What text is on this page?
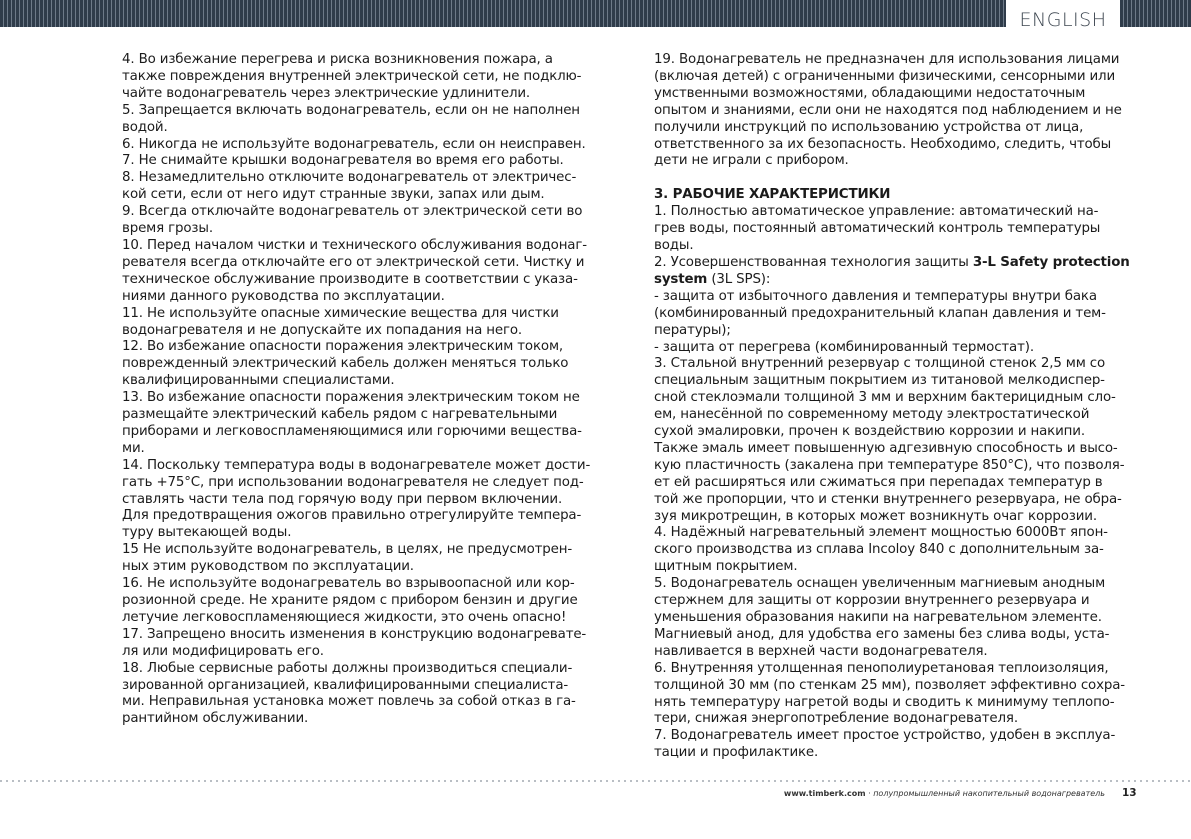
ENGLISH

4. Во избежание перегрева и риска возникновения пожара, а также повреждения внутренней электрической сети, не подклю- чайте водонагреватель через электрические удлинители.

5. Запрещается включать водонагреватель, если он не наполнен водой.

6. Никогда не используйте водонагреватель, если он неисправен.

7. Не снимайте крышки водонагревателя во время его работы.

8. Незамедлительно отключите водонагреватель от электричес- кой сети, если от него идут странные звуки, запах или дым.

9. Всегда отключайте водонагреватель от электрической сети во время грозы.

10. Перед началом чистки и технического обслуживания водонаг- ревателя всегда отключайте его от электрической сети. Чистку и техническое обслуживание производите в соответствии с указа- ниями данного руководства по эксплуатации.

11. Не используйте опасные химические вещества для чистки водонагревателя и не допускайте их попадания на него.

12. Во избежание опасности поражения электрическим током, поврежденный электрический кабель должен меняться только квалифицированными специалистами.

13. Во избежание опасности поражения электрическим током не размещайте электрический кабель рядом с нагревательными приборами и легковоспламеняющимися или горючими вещества- ми.

14. Поскольку температура воды в водонагревателе может дости- гать +75°C, при использовании водонагревателя не следует под- ставлять части тела под горячую воду при первом включении. Для предотвращения ожогов правильно отрегулируйте темпера- туру вытекающей воды.

15 Не используйте водонагреватель, в целях, не предусмотрен- ных этим руководством по эксплуатации.

16. Не используйте водонагреватель во взрывоопасной или кор- розионной среде. Не храните рядом с прибором бензин и другие летучие легковоспламеняющиеся жидкости, это очень опасно!

17. Запрещено вносить изменения в конструкцию водонагревате- ля или модифицировать его.

18. Любые сервисные работы должны производиться специали- зированной организацией, квалифицированными специалиста- ми. Неправильная установка может повлечь за собой отказ в га- рантийном обслуживании.

19. Водонагреватель не предназначен для использования лицами (включая детей) с ограниченными физическими, сенсорными или умственными возможностями, обладающими недостаточным опытом и знаниями, если они не находятся под наблюдением и не получили инструкций по использованию устройства от лица, ответственного за их безопасность. Необходимо, следить, чтобы дети не играли с прибором.

3. РАБОЧИЕ ХАРАКТЕРИСТИКИ

1. Полностью автоматическое управление: автоматический на- грев воды, постоянный автоматический контроль температуры воды.

2. Усовершенствованная технология защиты 3-L Safety protection system (3L SPS):

- защита от избыточного давления и температуры внутри бака (комбинированный предохранительный клапан давления и тем- пературы);

- защита от перегрева (комбинированный термостат).

3. Стальной внутренний резервуар с толщиной стенок 2,5 мм со специальным защитным покрытием из титановой мелкодиспер- сной стеклоэмали толщиной 3 мм и верхним бактерицидным сло- ем, нанесённой по современному методу электростатической сухой эмалировки, прочен к воздействию коррозии и накипи. Также эмаль имеет повышенную адгезивную способность и высо- кую пластичность (закалена при температуре 850°C), что позволя- ет ей расширяться или сжиматься при перепадах температур в той же пропорции, что и стенки внутреннего резервуара, не обра- зуя микротрещин, в которых может возникнуть очаг коррозии.

4. Надёжный нагревательный элемент мощностью 6000Вт япон- ского производства из сплава Incoloy 840 с дополнительным за- щитным покрытием.

5. Водонагреватель оснащен увеличенным магниевым анодным стержнем для защиты от коррозии внутреннего резервуара и уменьшения образования накипи на нагревательном элементе. Магниевый анод, для удобства его замены без слива воды, уста- навливается в верхней части водонагревателя.

6. Внутренняя утолщенная пенополиуретановая теплоизоляция, толщиной 30 мм (по стенкам 25 мм), позволяет эффективно сохра- нять температуру нагретой воды и сводить к минимуму теплопо- тери, снижая энергопотребление водонагревателя.

7. Водонагреватель имеет простое устройство, удобен в эксплуа- тации и профилактике.

www.timberk.com · полупромышленный накопительный водонагреватель 13
